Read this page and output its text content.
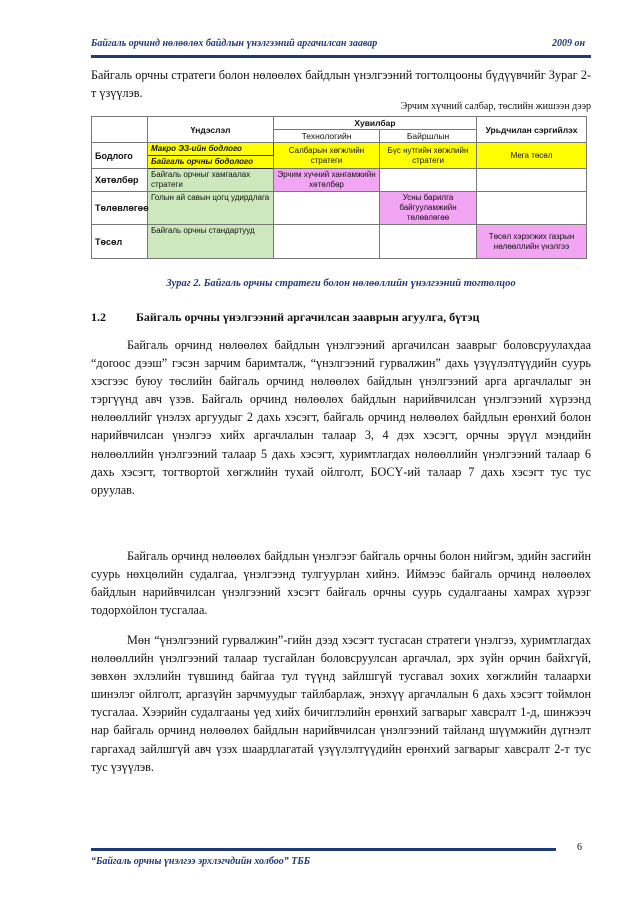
Байгаль орчинд нөлөөлөх байдлын үнэлгээний аргачилсан заавар	2009 он
Байгаль орчны стратеги болон нөлөөлөх байдлын үнэлгээний тогтолцооны бүдүүвчийг Зураг 2-т үзүүлэв.
Эрчим хүчний салбар, төслийн жишээн дээр
	Үндэслэл	Хувилбар		Урьдчилан сэргийлэх
		Технологийн	Байршлын	
Бодлого	Макро ЭЗ-ийн бодлого	Салбарын хөгжлийн стратеги	Бүс нутгийн хөгжлийн стратеги	Мега төсөл
	Байгаль орчны бодолого			
Хөтөлбөр	Байгаль орчныг хамгаалах стратеги	Эрчим хүчний хангамжийн хөтөлбөр		
Төлөвлөгөө	Голын ай савын цогц удирдлага		Усны барилга байгууламжийн төлөвлөгөө	
Төсөл	Байгаль орчны стандартууд			Төсөл хэрэгжих газрын нөлөөллийн үнэлгээ
Зураг 2. Байгаль орчны стратеги болон нөлөөллийн үнэлгээний тогтолцоо
1.2	Байгаль орчны үнэлгээний аргачилсан зааврын агуулга, бүтэц

Байгаль орчинд нөлөөлөх байдлын үнэлгээний аргачилсан зааврыг боловсруулахдаа “доroос дээш” гэсэн зарчим баримталж, “үнэлгээний гурвалжин” дахь үзүүлэлтүүдийн суурь хэсгээс буюу төслийн байгаль орчинд нөлөөлөх байдлын үнэлгээний арга аргачлалыг эн тэргүүнд авч үзэв. Байгаль орчинд нөлөөлөх байдлын нарийвчилсан үнэлгээний хүрээнд нөлөөллийг үнэлэх аргуудыг 2 дахь хэсэгт, байгаль орчинд нөлөөлөх байдлын ерөнхий болон нарийвчилсан үнэлгээ хийх аргачлалын талаар 3, 4 дэх хэсэгт, орчны эрүүл мэндийн нөлөөллийн үнэлгээний талаар 5 дахь хэсэгт, хуримтлагдах нөлөөллийн үнэлгээний талаар 6 дахь хэсэгт, тогтвортой хөгжлийн тухай ойлголт, БОСҮ-ий талаар 7 дахь хэсэгт тус тус оруулав.

Байгаль орчинд нөлөөлөх байдлын үнэлгээг байгаль орчны болон нийгэм, эдийн засгийн суурь нөхцөлийн судалгаа, үнэлгээнд тулгуурлан хийнэ. Иймээс байгаль орчинд нөлөөлөх байдлын нарийвчилсан үнэлгээний хэсэгт байгаль орчны суурь судалгааны хамрах хүрээг тодорхойлон тусгалаа.

Мөн “үнэлгээний гурвалжин”-гийн дээд хэсэгт тусгасан стратеги үнэлгээ, хуримтлагдах нөлөөллийн үнэлгээний талаар тусгайлан боловсруулсан аргачлал, эрх зүйн орчин байхгүй, зөвхөн эхлэлийн түвшинд байгаа тул түүнд зайлшгүй тусгавал зохих хөгжлийн талаархи шинэлэг ойлголт, аргазүйн зарчмуудыг тайлбарлаж, энэхүү аргачлалын 6 дахь хэсэгт тоймлон тусгалаа. Хээрийн судалгааны үед хийх бичиглэлийн ерөнхий загварыг хавсралт 1-д, шинжээч нар байгаль орчинд нөлөөлөх байдлын нарийвчилсан үнэлгээний тайланд шүүмжийн дүгнэлт гаргахад зайлшгүй авч үзэх шаардлагатай үзүүлэлтүүдийн ерөнхий загварыг хавсралт 2-т тус тус үзүүлэв.

6
“Байгаль орчны үнэлгээ эрхлэгчдийн холбоо” ТББ
